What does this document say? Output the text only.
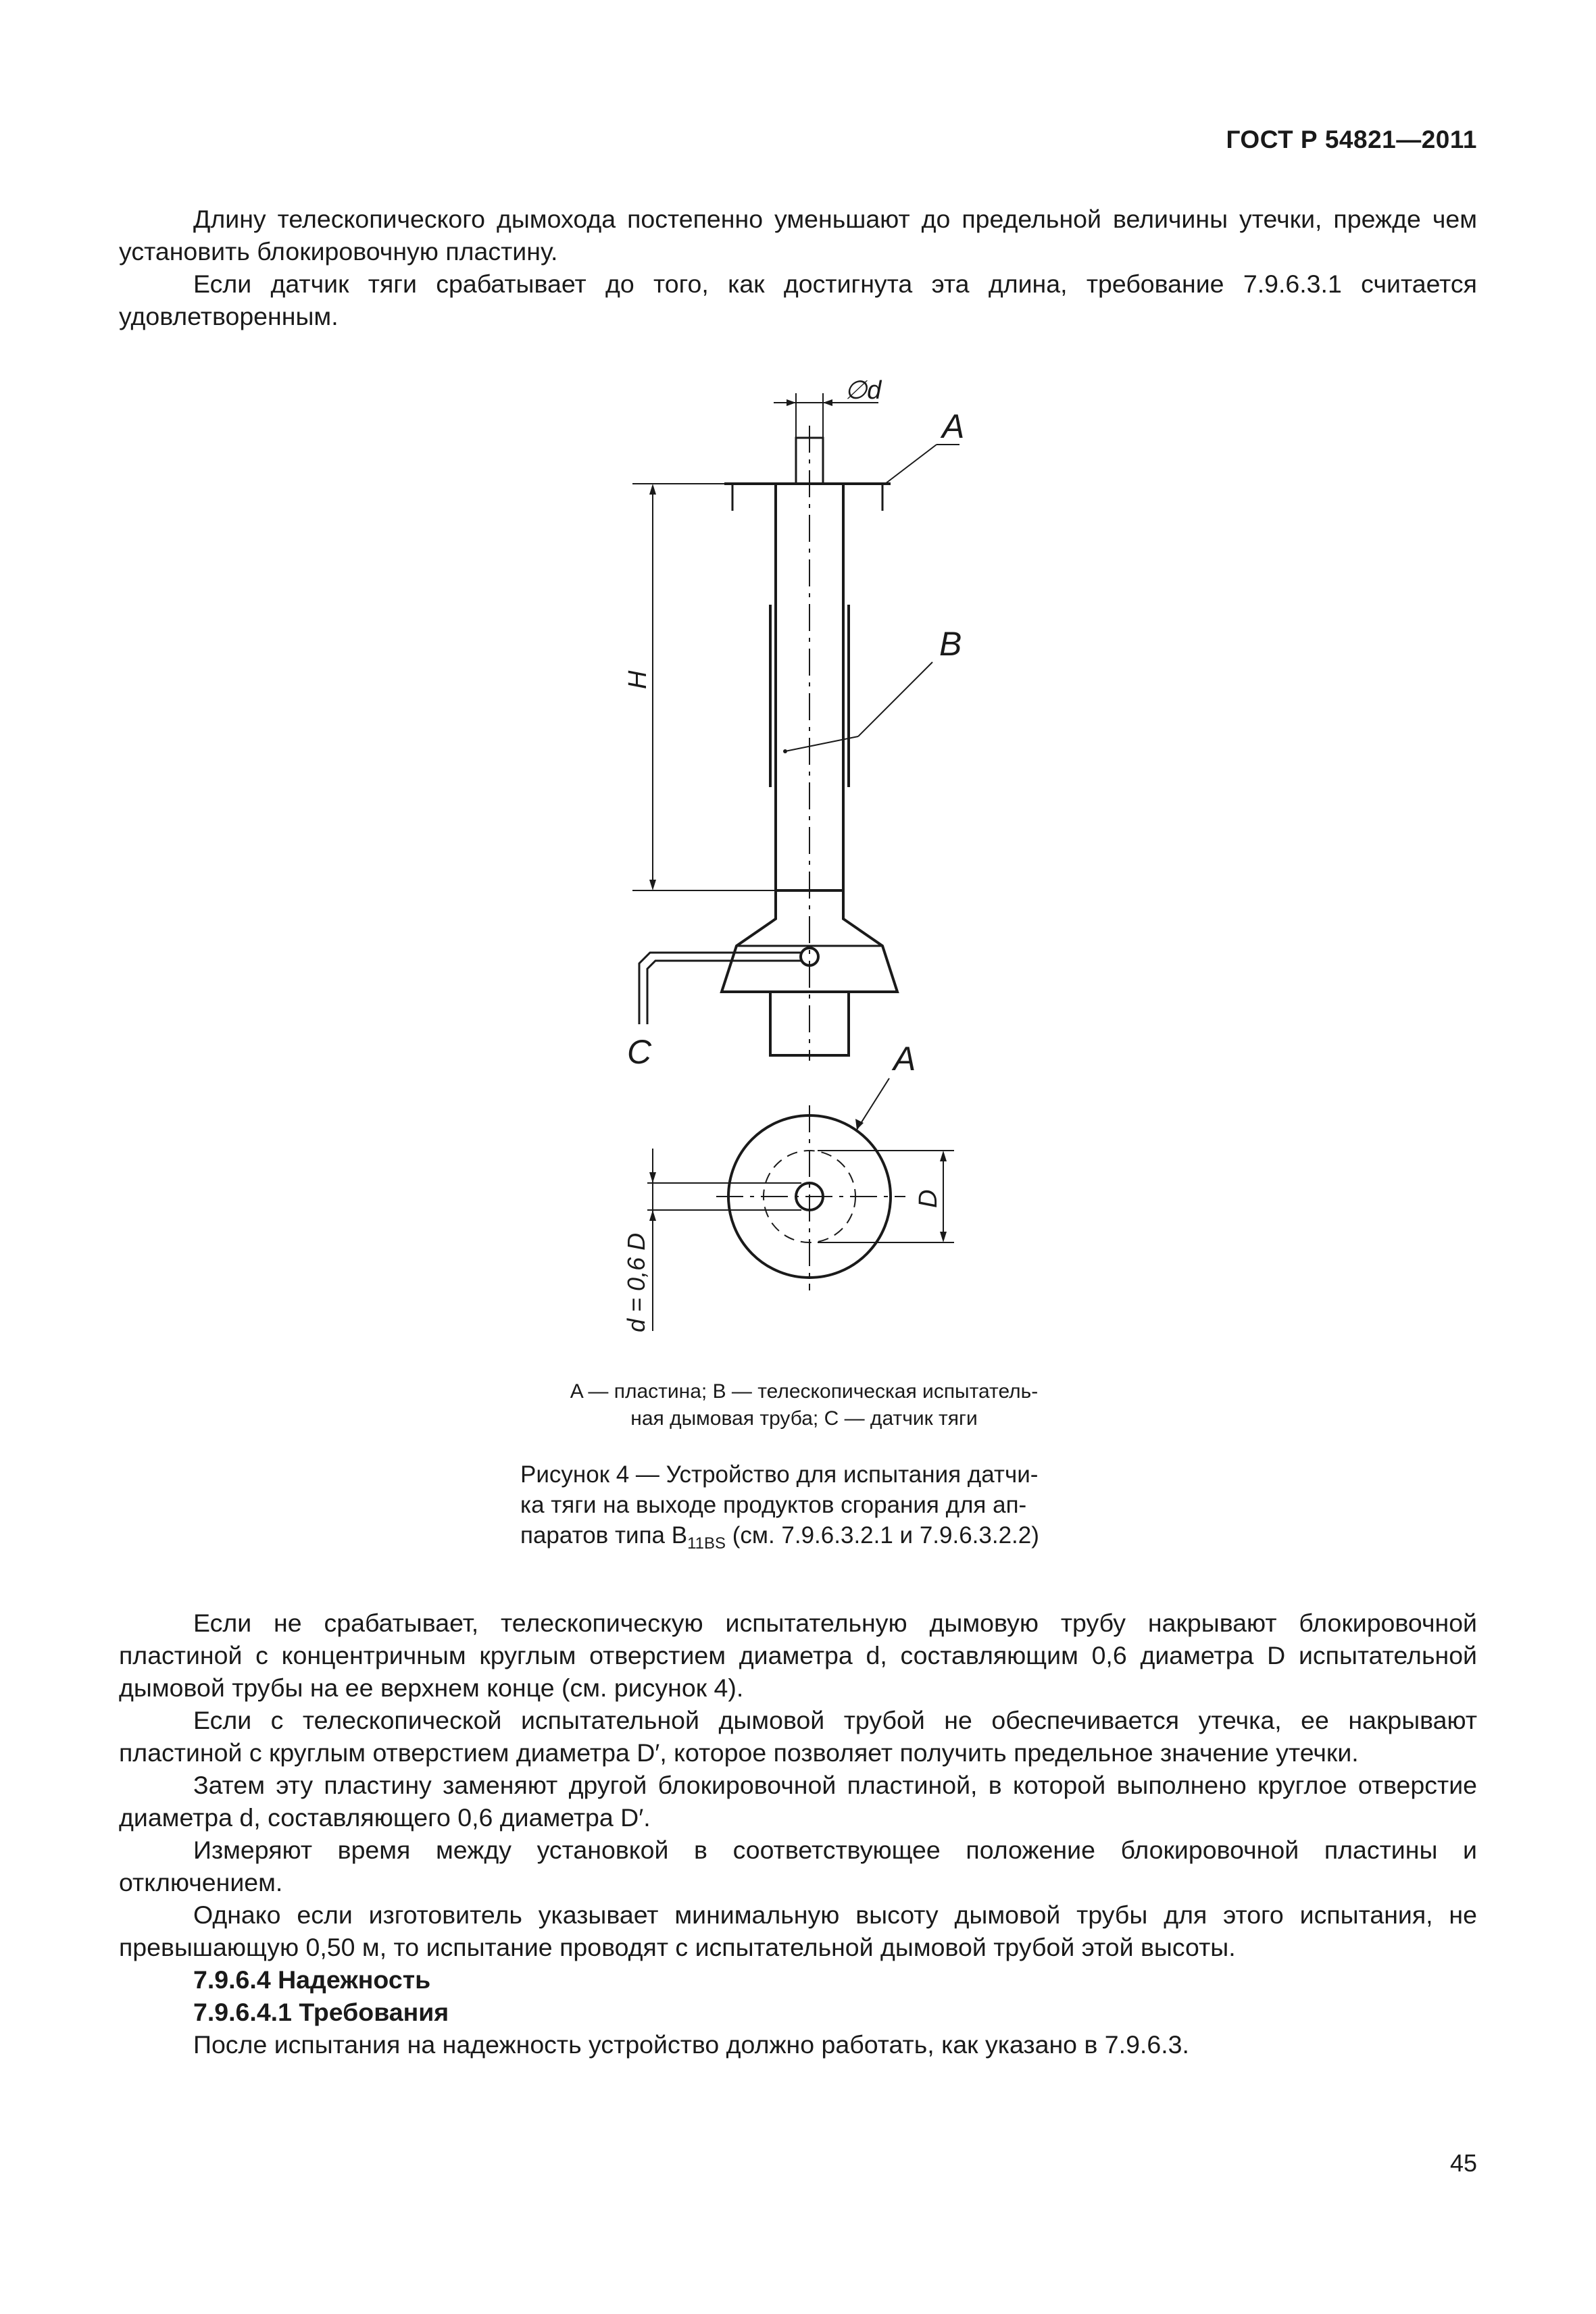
ГОСТ Р 54821—2011

Длину телескопического дымохода постепенно уменьшают до предельной величины утечки, прежде чем установить блокировочную пластину.

Если датчик тяги срабатывает до того, как достигнута эта длина, требование 7.9.6.3.1 считается удовлетворенным.

∅d
A
B
C	A
H
D
d = 0,6 D
A — пластина; B — телескопическая испытатель-
ная дымовая труба; C — датчик тяги
Рисунок 4 — Устройство для испытания датчи-
ка тяги на выходе продуктов сгорания для ап-
паратов типа $B_{11BS}$ (см. 7.9.6.3.2.1 и 7.9.6.3.2.2)

Если не срабатывает, телескопическую испытательную дымовую трубу накрывают блокировочной пластиной с концентричным круглым отверстием диаметра d, составляющим 0,6 диаметра D испытательной дымовой трубы на ее верхнем конце (см. рисунок 4).

Если с телескопической испытательной дымовой трубой не обеспечивается утечка, ее накрывают пластиной с круглым отверстием диаметра D′, которое позволяет получить предельное значение утечки.

Затем эту пластину заменяют другой блокировочной пластиной, в которой выполнено круглое отверстие диаметра d, составляющего 0,6 диаметра D′.

Измеряют время между установкой в соответствующее положение блокировочной пластины и отключением.

Однако если изготовитель указывает минимальную высоту дымовой трубы для этого испытания, не превышающую 0,50 м, то испытание проводят с испытательной дымовой трубой этой высоты.

7.9.6.4 Надежность

7.9.6.4.1 Требования

После испытания на надежность устройство должно работать, как указано в 7.9.6.3.

45
